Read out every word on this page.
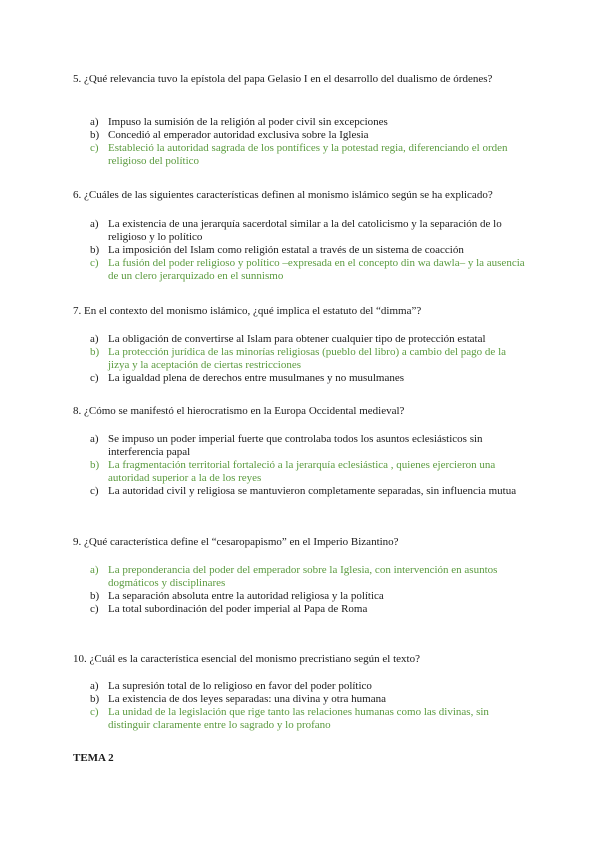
5. ¿Qué relevancia tuvo la epístola del papa Gelasio I en el desarrollo del dualismo de órdenes?

a) Impuso la sumisión de la religión al poder civil sin excepciones
b) Concedió al emperador autoridad exclusiva sobre la Iglesia
c) Estableció la autoridad sagrada de los pontífices y la potestad regia, diferenciando el orden religioso del político

6. ¿Cuáles de las siguientes características definen al monismo islámico según se ha explicado?

a) La existencia de una jerarquía sacerdotal similar a la del catolicismo y la separación de lo religioso y lo político
b) La imposición del Islam como religión estatal a través de un sistema de coacción
c) La fusión del poder religioso y político –expresada en el concepto din wa dawla– y la ausencia de un clero jerarquizado en el sunnismo

7. En el contexto del monismo islámico, ¿qué implica el estatuto del “dimma”?

a) La obligación de convertirse al Islam para obtener cualquier tipo de protección estatal
b) La protección jurídica de las minorías religiosas (pueblo del libro) a cambio del pago de la jizya y la aceptación de ciertas restricciones
c) La igualdad plena de derechos entre musulmanes y no musulmanes

8. ¿Cómo se manifestó el hierocratismo en la Europa Occidental medieval?

a) Se impuso un poder imperial fuerte que controlaba todos los asuntos eclesiásticos sin interferencia papal
b) La fragmentación territorial fortaleció a la jerarquía eclesiástica , quienes ejercieron una autoridad superior a la de los reyes
c) La autoridad civil y religiosa se mantuvieron completamente separadas, sin influencia mutua

9. ¿Qué característica define el “cesaropapismo” en el Imperio Bizantino?

a) La preponderancia del poder del emperador sobre la Iglesia, con intervención en asuntos dogmáticos y disciplinares
b) La separación absoluta entre la autoridad religiosa y la política
c) La total subordinación del poder imperial al Papa de Roma

10. ¿Cuál es la característica esencial del monismo precristiano según el texto?

a) La supresión total de lo religioso en favor del poder político
b) La existencia de dos leyes separadas: una divina y otra humana
c) La unidad de la legislación que rige tanto las relaciones humanas como las divinas, sin distinguir claramente entre lo sagrado y lo profano

TEMA 2
